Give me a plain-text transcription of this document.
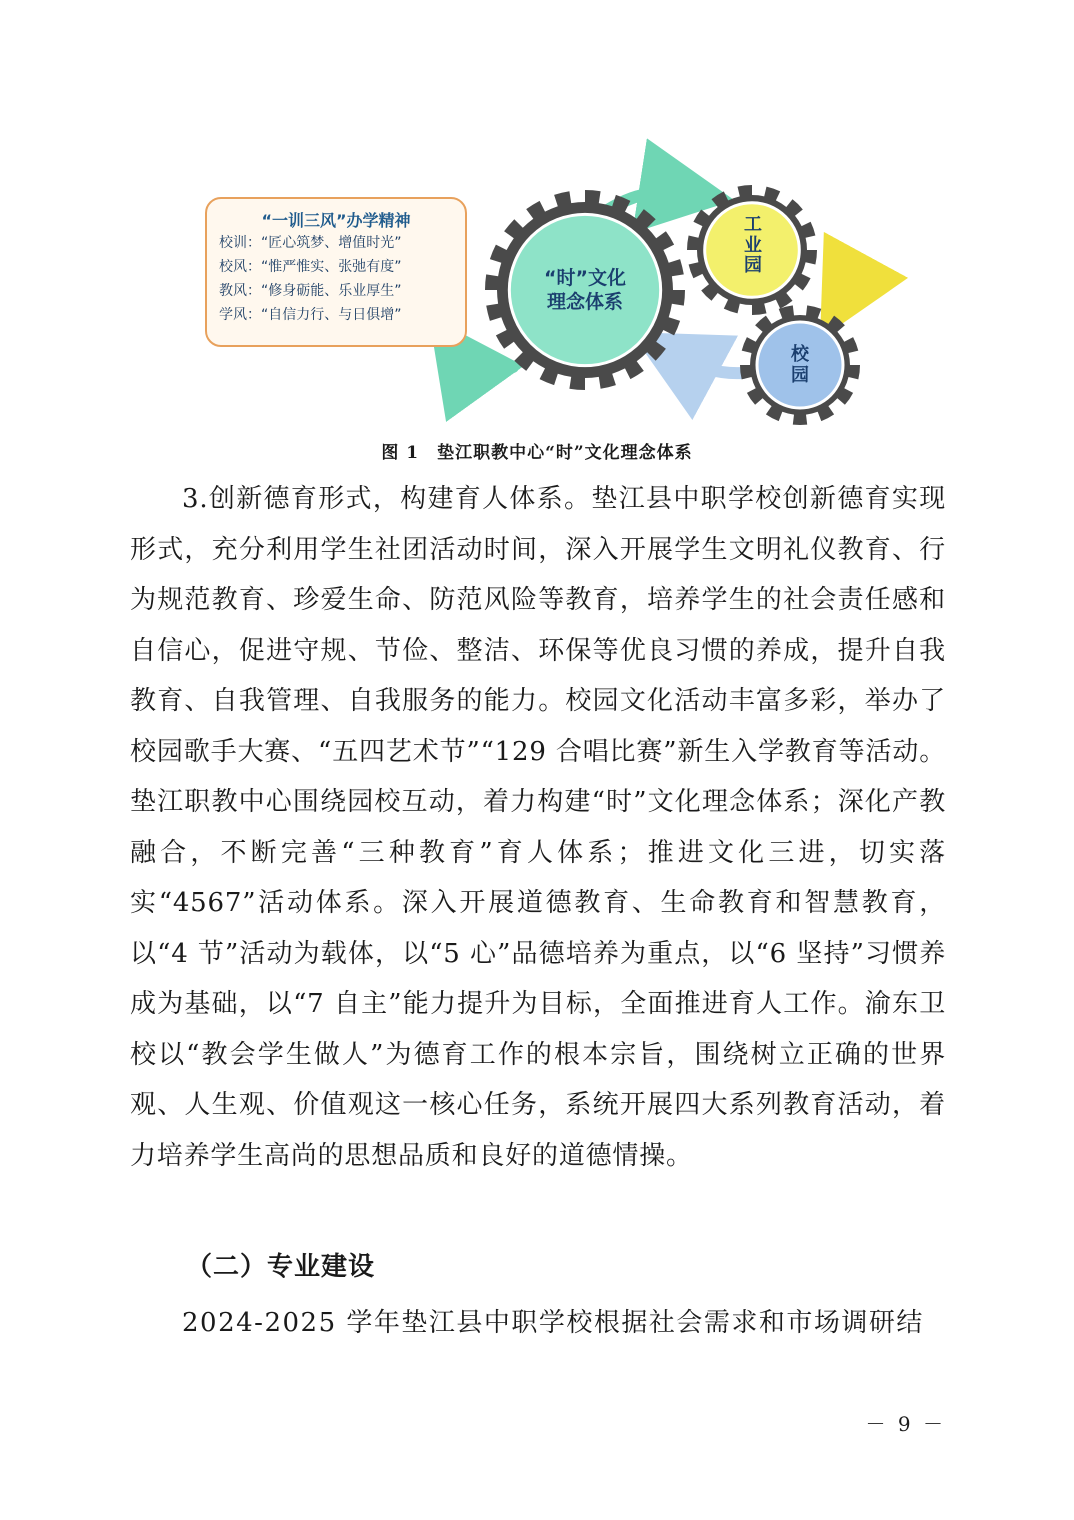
“一训三风”办学精神
校训：“匠心筑梦、增值时光”
校风：“惟严惟实、张弛有度”
教风：“修身砺能、乐业厚生”
学风：“自信力行、与日俱增”
“时”文化
理念体系
工
业
园
校
园
图 1　垫江职教中心“时”文化理念体系

3.创新德育形式，构建育人体系。垫江县中职学校创新德育实现形式，充分利用学生社团活动时间，深入开展学生文明礼仪教育、行为规范教育、珍爱生命、防范风险等教育，培养学生的社会责任感和自信心，促进守规、节俭、整洁、环保等优良习惯的养成，提升自我教育、自我管理、自我服务的能力。校园文化活动丰富多彩，举办了校园歌手大赛、“五四艺术节”“129 合唱比赛”新生入学教育等活动。垫江职教中心围绕园校互动，着力构建“时”文化理念体系；深化产教融合，不断完善“三种教育”育人体系；推进文化三进，切实落实“4567”活动体系。深入开展道德教育、生命教育和智慧教育，以“4 节”活动为载体，以“5 心”品德培养为重点，以“6 坚持”习惯养成为基础，以“7 自主”能力提升为目标，全面推进育人工作。渝东卫校以“教会学生做人”为德育工作的根本宗旨，围绕树立正确的世界观、人生观、价值观这一核心任务，系统开展四大系列教育活动，着力培养学生高尚的思想品质和良好的道德情操。

（二）专业建设
2024-2025 学年垫江县中职学校根据社会需求和市场调研结
－ 9 －
